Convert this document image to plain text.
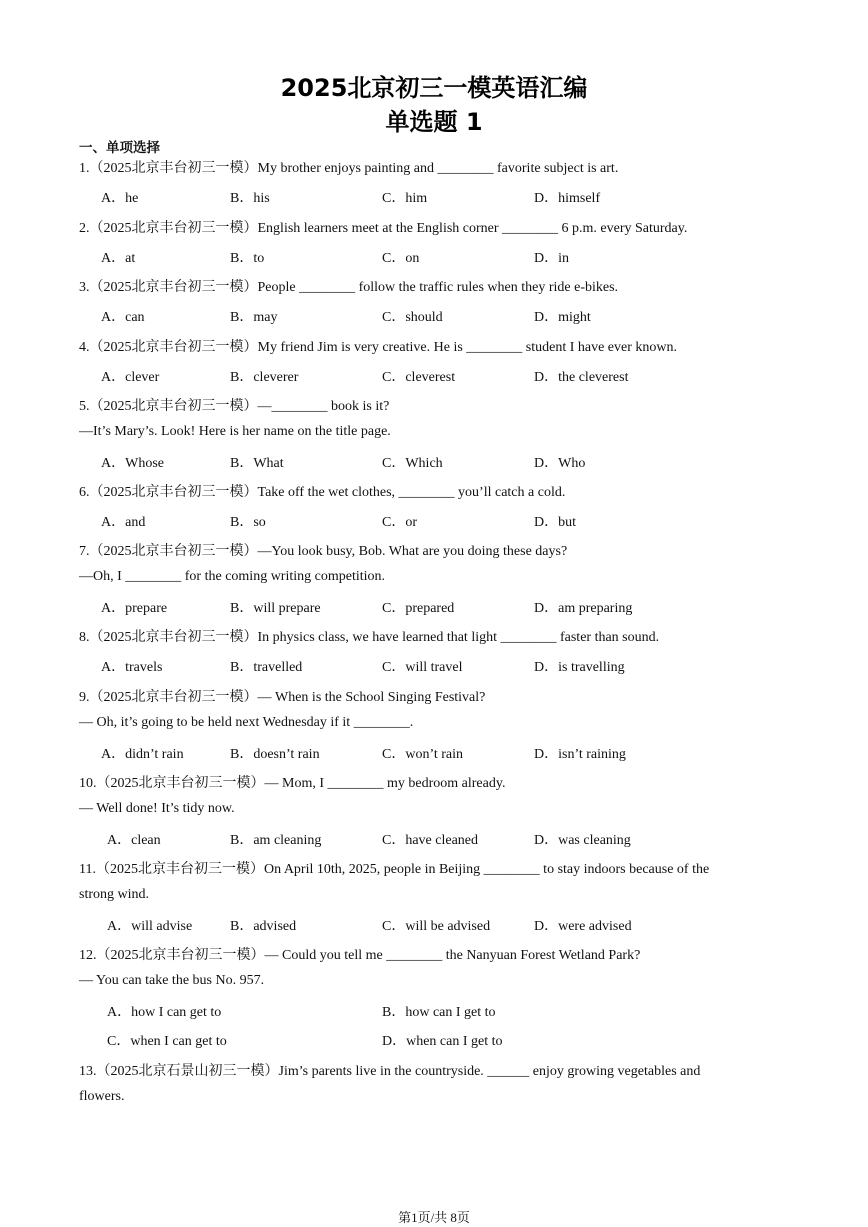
2025北京初三一模英语汇编
单选题 1
一、单项选择
1.（2025北京丰台初三一模）My brother enjoys painting and ________ favorite subject is art.
A．he	B．his	C．him	D．himself
2.（2025北京丰台初三一模）English learners meet at the English corner ________ 6 p.m. every Saturday.
A．at	B．to	C．on	D．in
3.（2025北京丰台初三一模）People ________ follow the traffic rules when they ride e-bikes.
A．can	B．may	C．should	D．might
4.（2025北京丰台初三一模）My friend Jim is very creative. He is ________ student I have ever known.
A．clever	B．cleverer	C．cleverest	D．the cleverest
5.（2025北京丰台初三一模）—________ book is it?
—It’s Mary’s. Look! Here is her name on the title page.
A．Whose	B．What	C．Which	D．Who
6.（2025北京丰台初三一模）Take off the wet clothes, ________ you’ll catch a cold.
A．and	B．so	C．or	D．but
7.（2025北京丰台初三一模）—You look busy, Bob. What are you doing these days?
—Oh, I ________ for the coming writing competition.
A．prepare	B．will prepare	C．prepared	D．am preparing
8.（2025北京丰台初三一模）In physics class, we have learned that light ________ faster than sound.
A．travels	B．travelled	C．will travel	D．is travelling
9.（2025北京丰台初三一模）— When is the School Singing Festival?
— Oh, it’s going to be held next Wednesday if it ________.
A．didn’t rain	B．doesn’t rain	C．won’t rain	D．isn’t raining
10.（2025北京丰台初三一模）— Mom, I ________ my bedroom already.
— Well done! It’s tidy now.
A．clean	B．am cleaning	C．have cleaned	D．was cleaning
11.（2025北京丰台初三一模）On April 10th, 2025, people in Beijing ________ to stay indoors because of the
strong wind.
A．will advise	B．advised	C．will be advised	D．were advised
12.（2025北京丰台初三一模）— Could you tell me ________ the Nanyuan Forest Wetland Park?
— You can take the bus No. 957.
A．how I can get to	B．how can I get to
C．when I can get to	D．when can I get to
13.（2025北京石景山初三一模）Jim’s parents live in the countryside. ______ enjoy growing vegetables and
flowers.
第1页/共 8页
